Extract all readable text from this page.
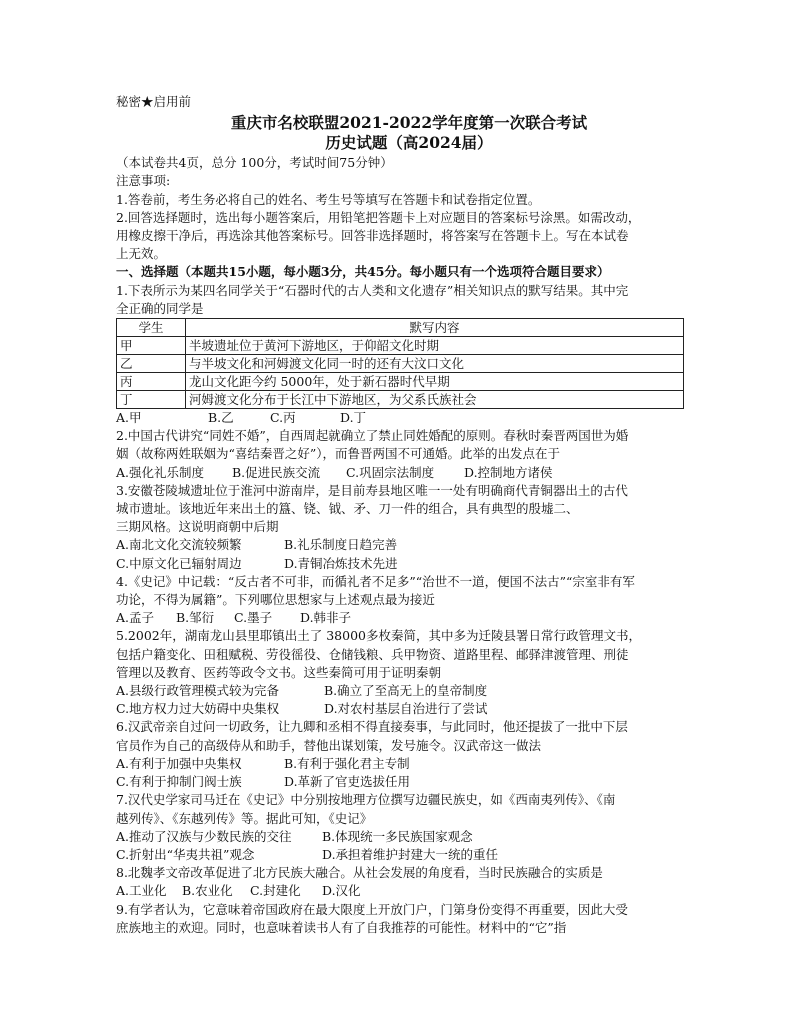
秘密★启用前
重庆市名校联盟2021-2022学年度第一次联合考试
历史试题（高2024届）
（本试卷共4页，总分 100分，考试时间75分钟）
注意事项:
1.答卷前，考生务必将自己的姓名、考生号等填写在答题卡和试卷指定位置。
2.回答选择题时，选出每小题答案后，用铅笔把答题卡上对应题目的答案标号涂黑。如需改动，
用橡皮擦干净后，再选涂其他答案标号。回答非选择题时，将答案写在答题卡上。写在本试卷
上无效。
一、选择题（本题共15小题，每小题3分，共45分。每小题只有一个选项符合题目要求）
1.下表所示为某四名同学关于“石器时代的古人类和文化遗存”相关知识点的默写结果。其中完
全正确的同学是
学生	默写内容
甲	半坡遗址位于黄河下游地区，于仰韶文化时期
乙	与半坡文化和河姆渡文化同一时的还有大汶口文化
丙	龙山文化距今约 5000年，处于新石器时代早期
丁	河姆渡文化分布于长江中下游地区，为父系氏族社会
A.甲	B.乙	C.丙	D.丁
2.中国古代讲究“同姓不婚”，自西周起就确立了禁止同姓婚配的原则。春秋时秦晋两国世为婚
姻（故称两姓联姻为“喜结秦晋之好”），而鲁晋两国不可通婚。此举的出发点在于
A.强化礼乐制度 B.促进民族交流 C.巩固宗法制度 D.控制地方诸侯
3.安徽苍陵城遗址位于淮河中游南岸，是目前寿县地区唯一一处有明确商代青铜器出土的古代
城市遗址。该地近年来出土的簋、铙、钺、矛、刀一件的组合，具有典型的殷墟二、
三期风格。这说明商朝中后期
A.南北文化交流较频繁	B.礼乐制度日趋完善
C.中原文化已辐射周边	D.青铜冶炼技术先进
4.《史记》中记载：“反古者不可非，而循礼者不足多”“治世不一道，便国不法古”“宗室非有军
功论，不得为属籍”。下列哪位思想家与上述观点最为接近
A.孟子 B.邹衍 C.墨子 D.韩非子
5.2002年，湖南龙山县里耶镇出土了 38000多枚秦简，其中多为迁陵县署日常行政管理文书，
包括户籍变化、田租赋税、劳役徭役、仓储钱粮、兵甲物资、道路里程、邮驿津渡管理、刑徒
管理以及教育、医药等政令文书。这些秦简可用于证明秦朝
A.县级行政管理模式较为完备	B.确立了至高无上的皇帝制度
C.地方权力过大妨碍中央集权	D.对农村基层自治进行了尝试
6.汉武帝亲自过问一切政务，让九卿和丞相不得直接奏事，与此同时，他还提拔了一批中下层
官员作为自己的高级侍从和助手，替他出谋划策，发号施令。汉武帝这一做法
A.有利于加强中央集权	B.有利于强化君主专制
C.有利于抑制门阀士族	D.革新了官吏选拔任用
7.汉代史学家司马迁在《史记》中分别按地理方位撰写边疆民族史，如《西南夷列传》、《南
越列传》、《东越列传》等。据此可知，《史记》
A.推动了汉族与少数民族的交往 B.体现统一多民族国家观念
C.折射出“华夷共祖”观念	D.承担着维护封建大一统的重任
8.北魏孝文帝改革促进了北方民族大融合。从社会发展的角度看，当时民族融合的实质是
A.工业化 B.农业化 C.封建化 D.汉化
9.有学者认为，它意味着帝国政府在最大限度上开放门户，门第身份变得不再重要，因此大受
庶族地主的欢迎。同时，也意味着读书人有了自我推荐的可能性。材料中的“它”指
